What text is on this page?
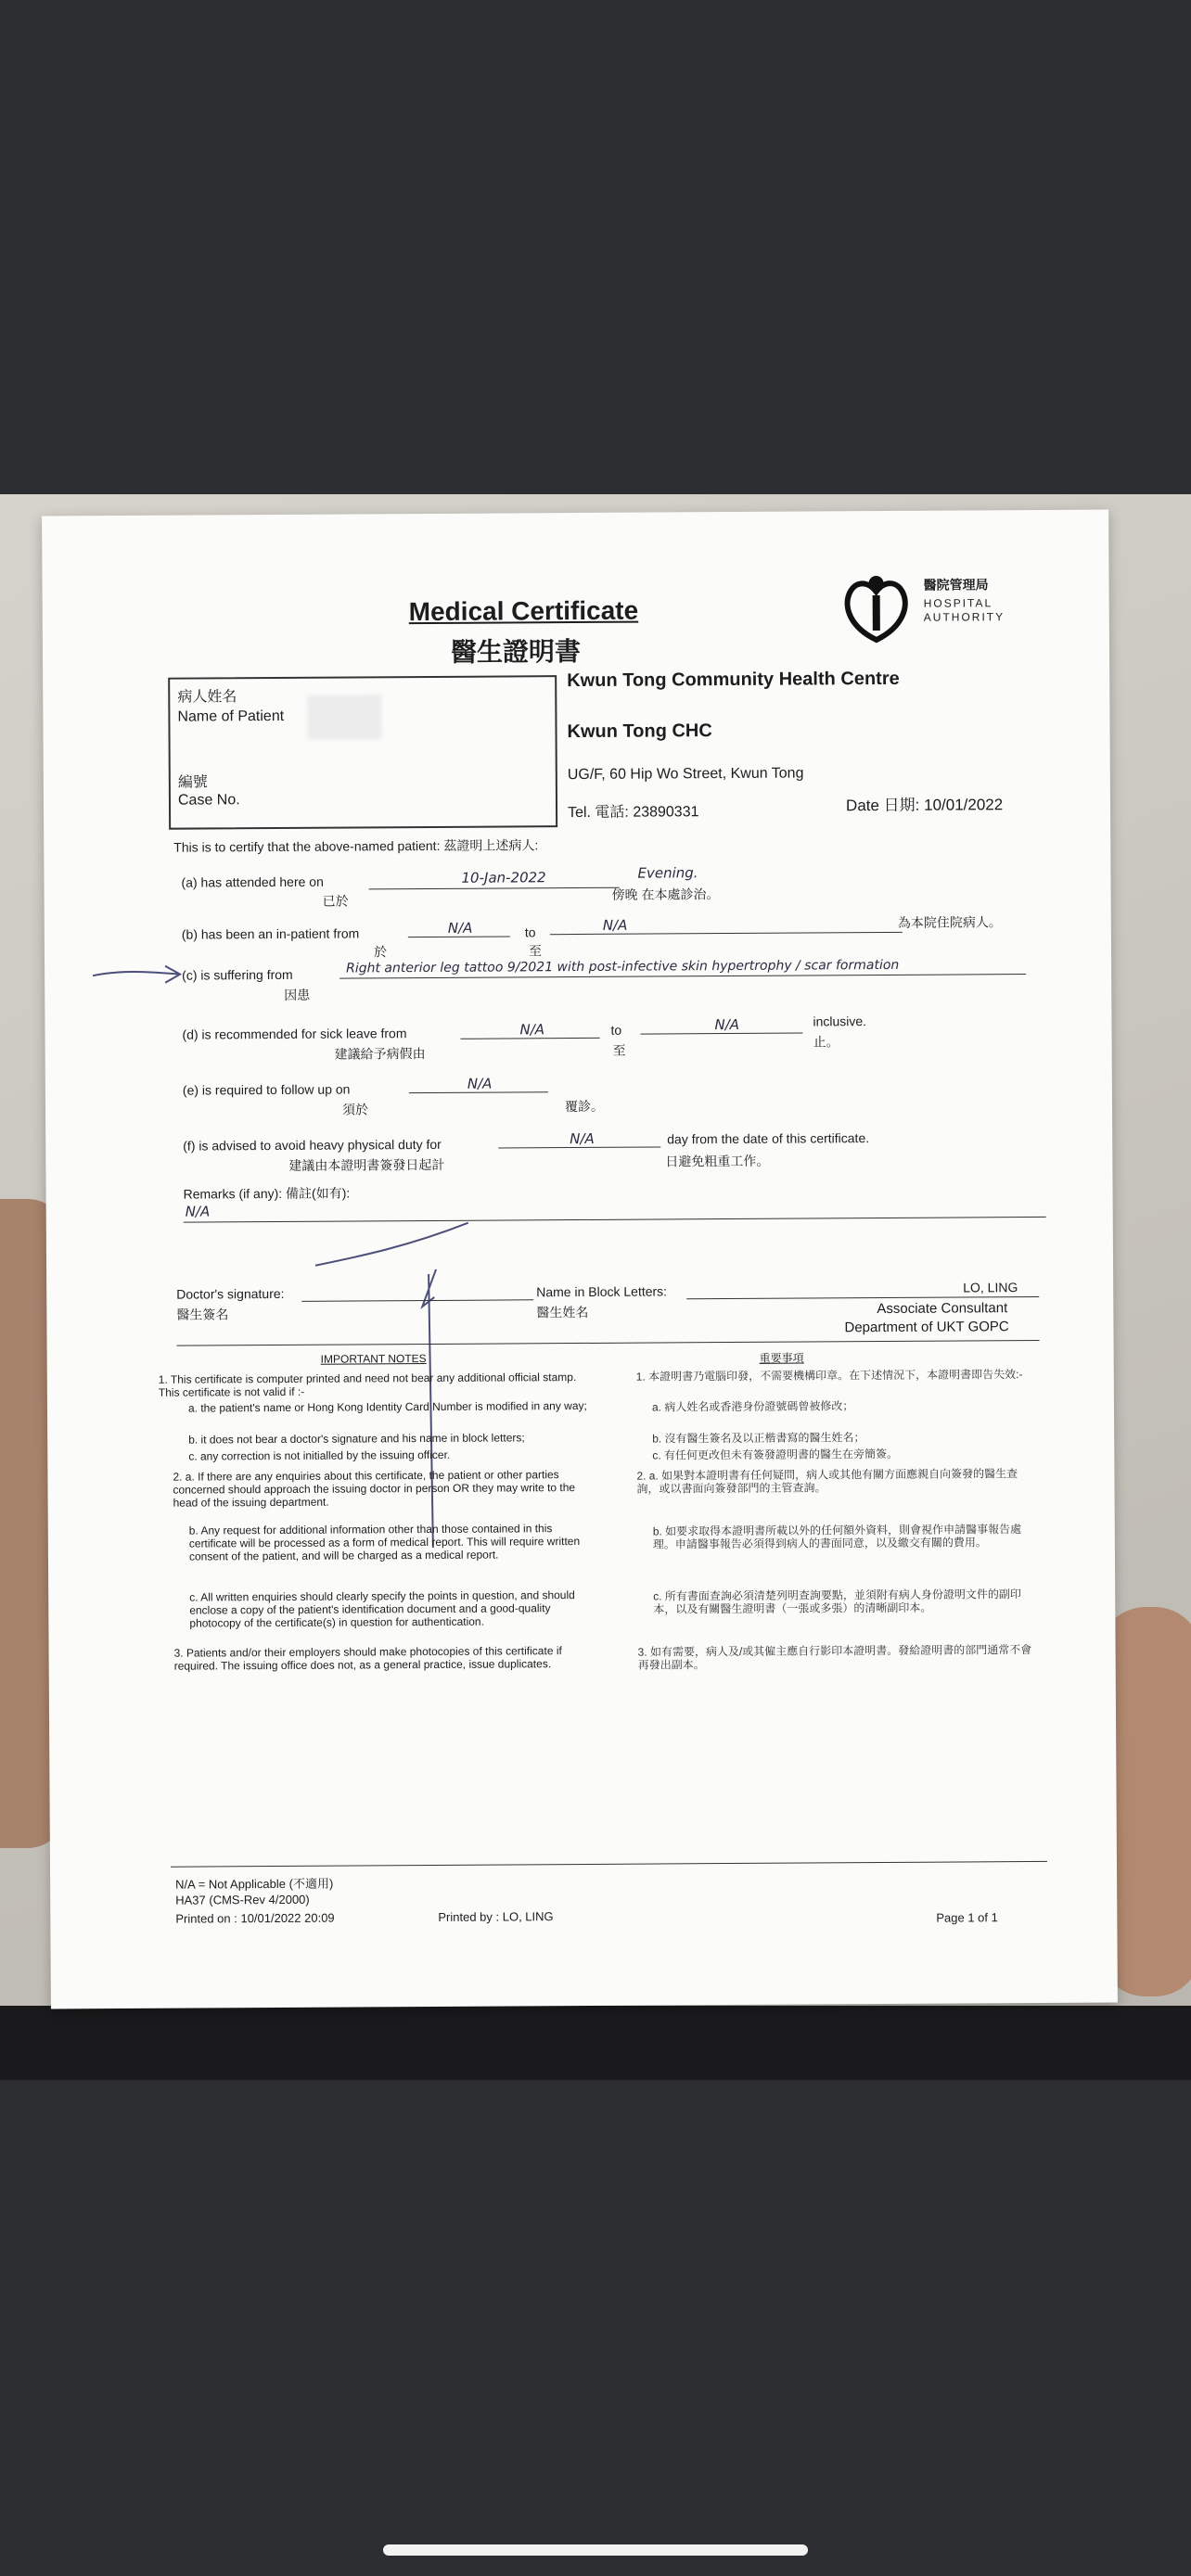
Medical Certificate
醫生證明書
醫院管理局
HOSPITAL
AUTHORITY
病人姓名
Name of Patient
編號
Case No.
Kwun Tong Community Health Centre
Kwun Tong CHC
UG/F, 60 Hip Wo Street, Kwun Tong
Tel. 電話: 23890331	Date 日期: 10/01/2022
This is to certify that the above-named patient: 茲證明上述病人:
(a) has attended here on
已於
10-Jan-2022	Evening.
傍晚 在本處診治。
(b) has been an in-patient from
於
N/A	to
至
N/A	為本院住院病人。
(c) is suffering from
因患
Right anterior leg tattoo 9/2021 with post-infective skin hypertrophy / scar formation
(d) is recommended for sick leave from
建議給予病假由
N/A	to
至
N/A	inclusive.
止。
(e) is required to follow up on
須於
N/A
覆診。
(f) is advised to avoid heavy physical duty for
建議由本證明書簽發日起計
N/A	day from the date of this certificate.
日避免粗重工作。
Remarks (if any): 備註(如有):
N/A
Doctor's signature:
醫生簽名
Name in Block Letters:
醫生姓名
LO, LING
Associate Consultant
Department of UKT GOPC
IMPORTANT NOTES	重要事項
1. This certificate is computer printed and need not bear any additional official stamp. This certificate is not valid if :-
a. the patient's name or Hong Kong Identity Card Number is modified in any way;
b. it does not bear a doctor's signature and his name in block letters;
c. any correction is not initialled by the issuing officer.
2. a. If there are any enquiries about this certificate, the patient or other parties concerned should approach the issuing doctor in person OR they may write to the head of the issuing department.
b. Any request for additional information other than those contained in this certificate will be processed as a form of medical report. This will require written consent of the patient, and will be charged as a medical report.
c. All written enquiries should clearly specify the points in question, and should enclose a copy of the patient's identification document and a good-quality photocopy of the certificate(s) in question for authentication.
3. Patients and/or their employers should make photocopies of this certificate if required. The issuing office does not, as a general practice, issue duplicates.
1. 本證明書乃電腦印發，不需要機構印章。在下述情況下，本證明書即告失效:-
a. 病人姓名或香港身份證號碼曾被修改；
b. 沒有醫生簽名及以正楷書寫的醫生姓名；
c. 有任何更改但未有簽發證明書的醫生在旁簡簽。
2. a. 如果對本證明書有任何疑問，病人或其他有關方面應親自向簽發的醫生查詢，或以書面向簽發部門的主管查詢。
b. 如要求取得本證明書所載以外的任何額外資料，則會視作申請醫事報告處理。申請醫事報告必須得到病人的書面同意，以及繳交有關的費用。
c. 所有書面查詢必須清楚列明查詢要點，並須附有病人身份證明文件的副印本，以及有關醫生證明書（一張或多張）的清晰副印本。
3. 如有需要，病人及/或其僱主應自行影印本證明書。發給證明書的部門通常不會再發出副本。
N/A = Not Applicable (不適用)
HA37 (CMS-Rev 4/2000)
Printed on : 10/01/2022 20:09	Printed by : LO, LING	Page 1 of 1
